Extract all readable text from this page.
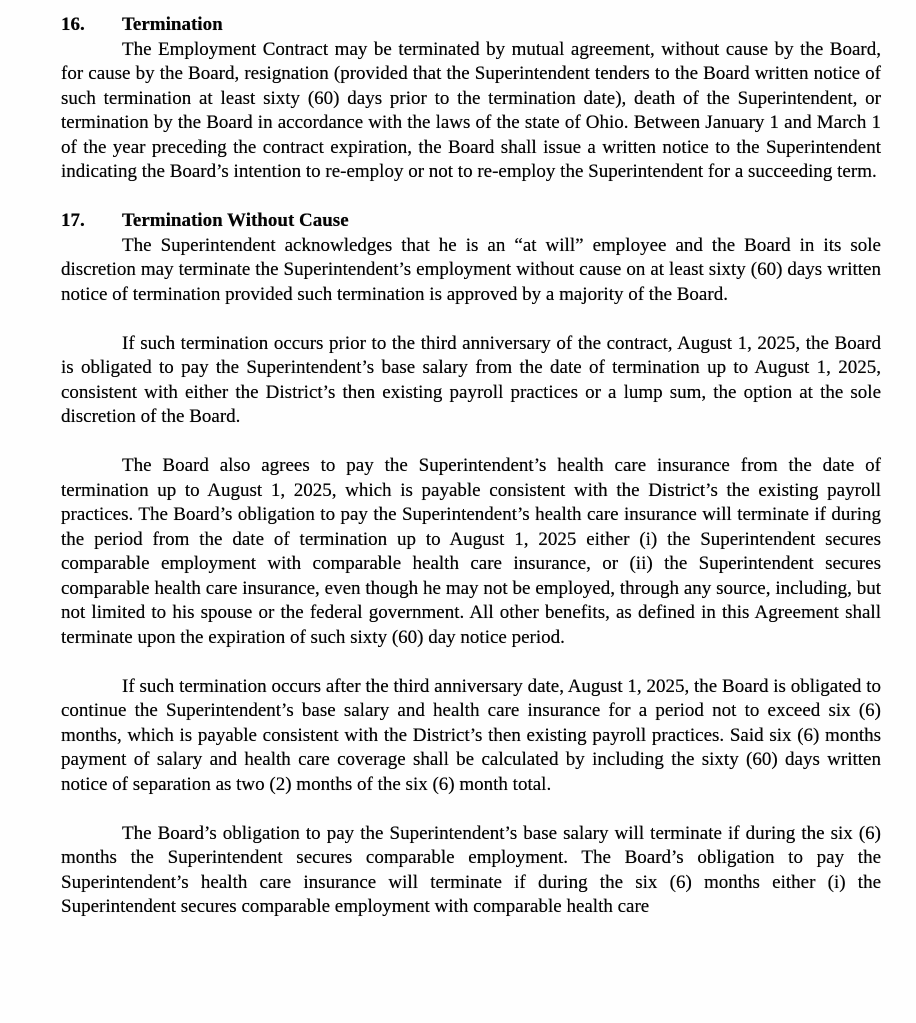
16. Termination

The Employment Contract may be terminated by mutual agreement, without cause by the Board, for cause by the Board, resignation (provided that the Superintendent tenders to the Board written notice of such termination at least sixty (60) days prior to the termination date), death of the Superintendent, or termination by the Board in accordance with the laws of the state of Ohio. Between January 1 and March 1 of the year preceding the contract expiration, the Board shall issue a written notice to the Superintendent indicating the Board’s intention to re-employ or not to re-employ the Superintendent for a succeeding term.

17. Termination Without Cause

The Superintendent acknowledges that he is an “at will” employee and the Board in its sole discretion may terminate the Superintendent’s employment without cause on at least sixty (60) days written notice of termination provided such termination is approved by a majority of the Board.

If such termination occurs prior to the third anniversary of the contract, August 1, 2025, the Board is obligated to pay the Superintendent’s base salary from the date of termination up to August 1, 2025, consistent with either the District’s then existing payroll practices or a lump sum, the option at the sole discretion of the Board.

The Board also agrees to pay the Superintendent’s health care insurance from the date of termination up to August 1, 2025, which is payable consistent with the District’s the existing payroll practices. The Board’s obligation to pay the Superintendent’s health care insurance will terminate if during the period from the date of termination up to August 1, 2025 either (i) the Superintendent secures comparable employment with comparable health care insurance, or (ii) the Superintendent secures comparable health care insurance, even though he may not be employed, through any source, including, but not limited to his spouse or the federal government. All other benefits, as defined in this Agreement shall terminate upon the expiration of such sixty (60) day notice period.

If such termination occurs after the third anniversary date, August 1, 2025, the Board is obligated to continue the Superintendent’s base salary and health care insurance for a period not to exceed six (6) months, which is payable consistent with the District’s then existing payroll practices. Said six (6) months payment of salary and health care coverage shall be calculated by including the sixty (60) days written notice of separation as two (2) months of the six (6) month total.

The Board’s obligation to pay the Superintendent’s base salary will terminate if during the six (6) months the Superintendent secures comparable employment. The Board’s obligation to pay the Superintendent’s health care insurance will terminate if during the six (6) months either (i) the Superintendent secures comparable employment with comparable health care
